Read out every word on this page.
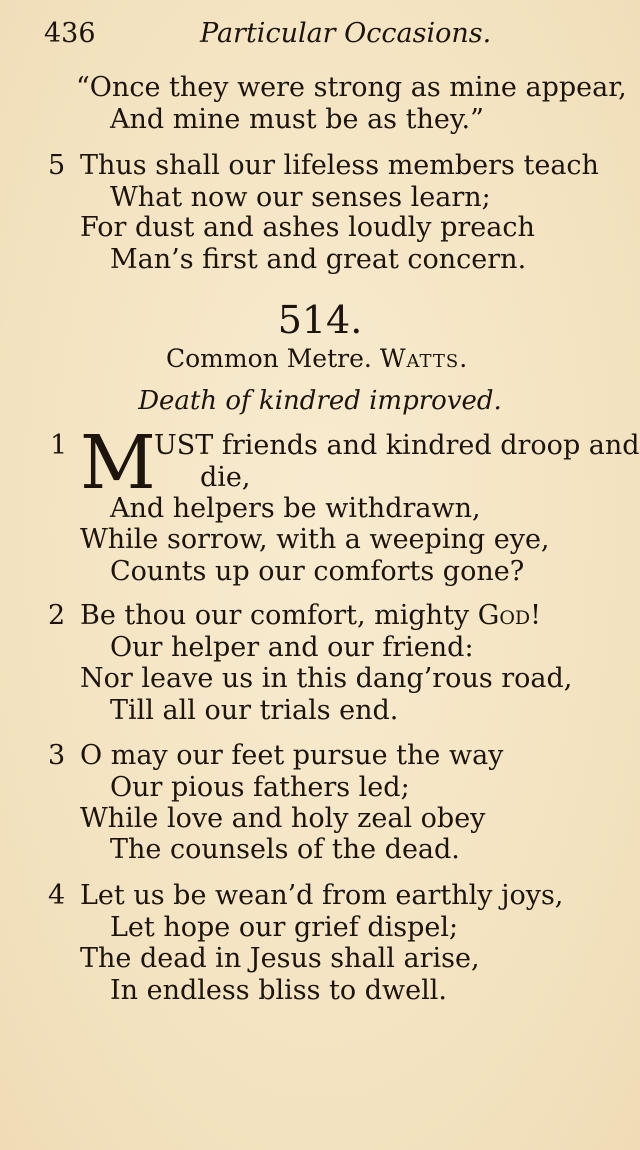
436	Particular Occasions.
“Once they were strong as mine appear,
And mine must be as they.”
5 Thus shall our lifeless members teach
What now our senses learn;
For dust and ashes loudly preach
Man’s first and great concern.
514.
Common Metre. Watts.
Death of kindred improved.
1 M
UST friends and kindred droop and
die,
And helpers be withdrawn,
While sorrow, with a weeping eye,
Counts up our comforts gone?
2 Be thou our comfort, mighty God!
Our helper and our friend:
Nor leave us in this dang’rous road,
Till all our trials end.
3 O may our feet pursue the way
Our pious fathers led;
While love and holy zeal obey
The counsels of the dead.
4 Let us be wean’d from earthly joys,
Let hope our grief dispel;
The dead in Jesus shall arise,
In endless bliss to dwell.
